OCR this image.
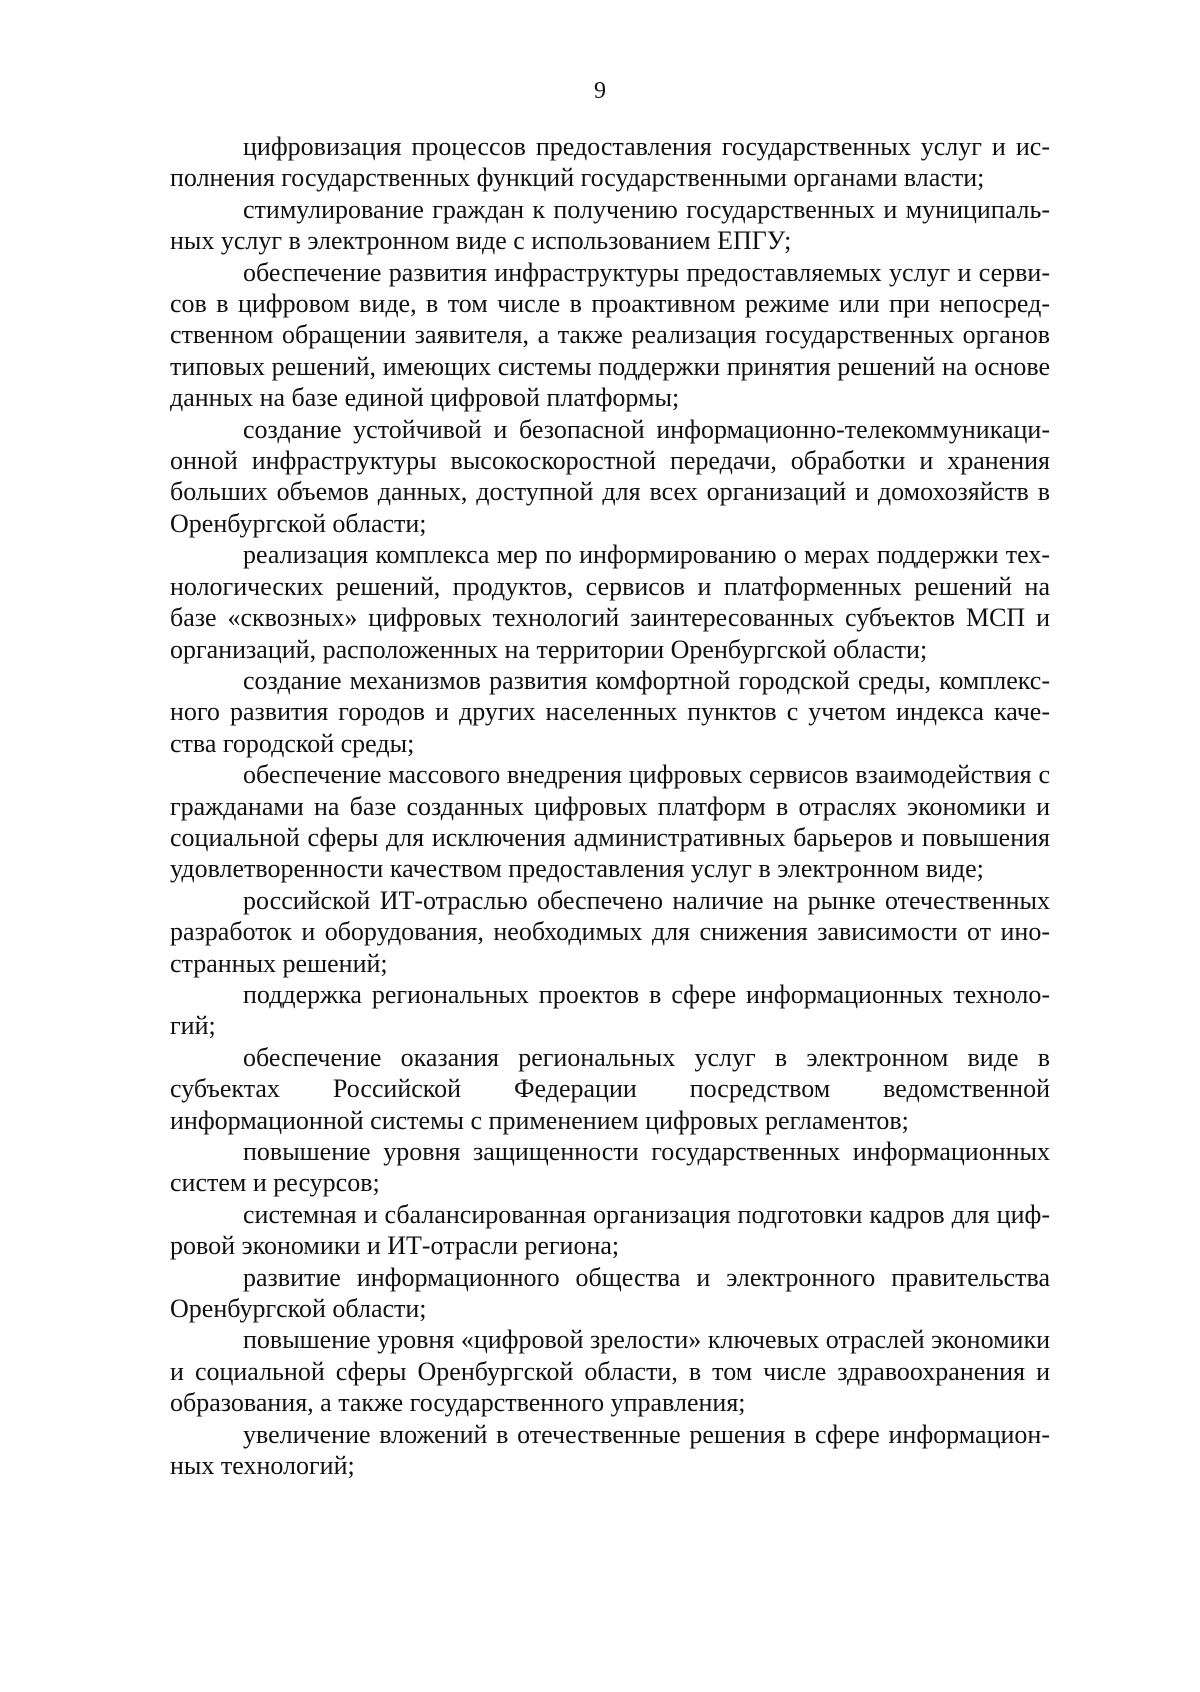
9

цифровизация процессов предоставления государственных услуг и исполнения государственных функций государственными органами власти;

стимулирование граждан к получению государственных и муниципальных услуг в электронном виде с использованием ЕПГУ;

обеспечение развития инфраструктуры предоставляемых услуг и сервисов в цифровом виде, в том числе в проактивном режиме или при непосредственном обращении заявителя, а также реализация государственных органов типовых решений, имеющих системы поддержки принятия решений на основе данных на базе единой цифровой платформы;

создание устойчивой и безопасной информационно-телекоммуникационной инфраструктуры высокоскоростной передачи, обработки и хранения больших объемов данных, доступной для всех организаций и домохозяйств в Оренбургской области;

реализация комплекса мер по информированию о мерах поддержки технологических решений, продуктов, сервисов и платформенных решений на базе «сквозных» цифровых технологий заинтересованных субъектов МСП и организаций, расположенных на территории Оренбургской области;

создание механизмов развития комфортной городской среды, комплексного развития городов и других населенных пунктов с учетом индекса качества городской среды;

обеспечение массового внедрения цифровых сервисов взаимодействия с гражданами на базе созданных цифровых платформ в отраслях экономики и социальной сферы для исключения административных барьеров и повышения удовлетворенности качеством предоставления услуг в электронном виде;

российской ИТ-отраслью обеспечено наличие на рынке отечественных разработок и оборудования, необходимых для снижения зависимости от иностранных решений;

поддержка региональных проектов в сфере информационных технологий;

обеспечение оказания региональных услуг в электронном виде в субъектах Российской Федерации посредством ведомственной информационной системы с применением цифровых регламентов;

повышение уровня защищенности государственных информационных систем и ресурсов;

системная и сбалансированная организация подготовки кадров для цифровой экономики и ИТ-отрасли региона;

развитие информационного общества и электронного правительства Оренбургской области;

повышение уровня «цифровой зрелости» ключевых отраслей экономики и социальной сферы Оренбургской области, в том числе здравоохранения и образования, а также государственного управления;

увеличение вложений в отечественные решения в сфере информационных технологий;
